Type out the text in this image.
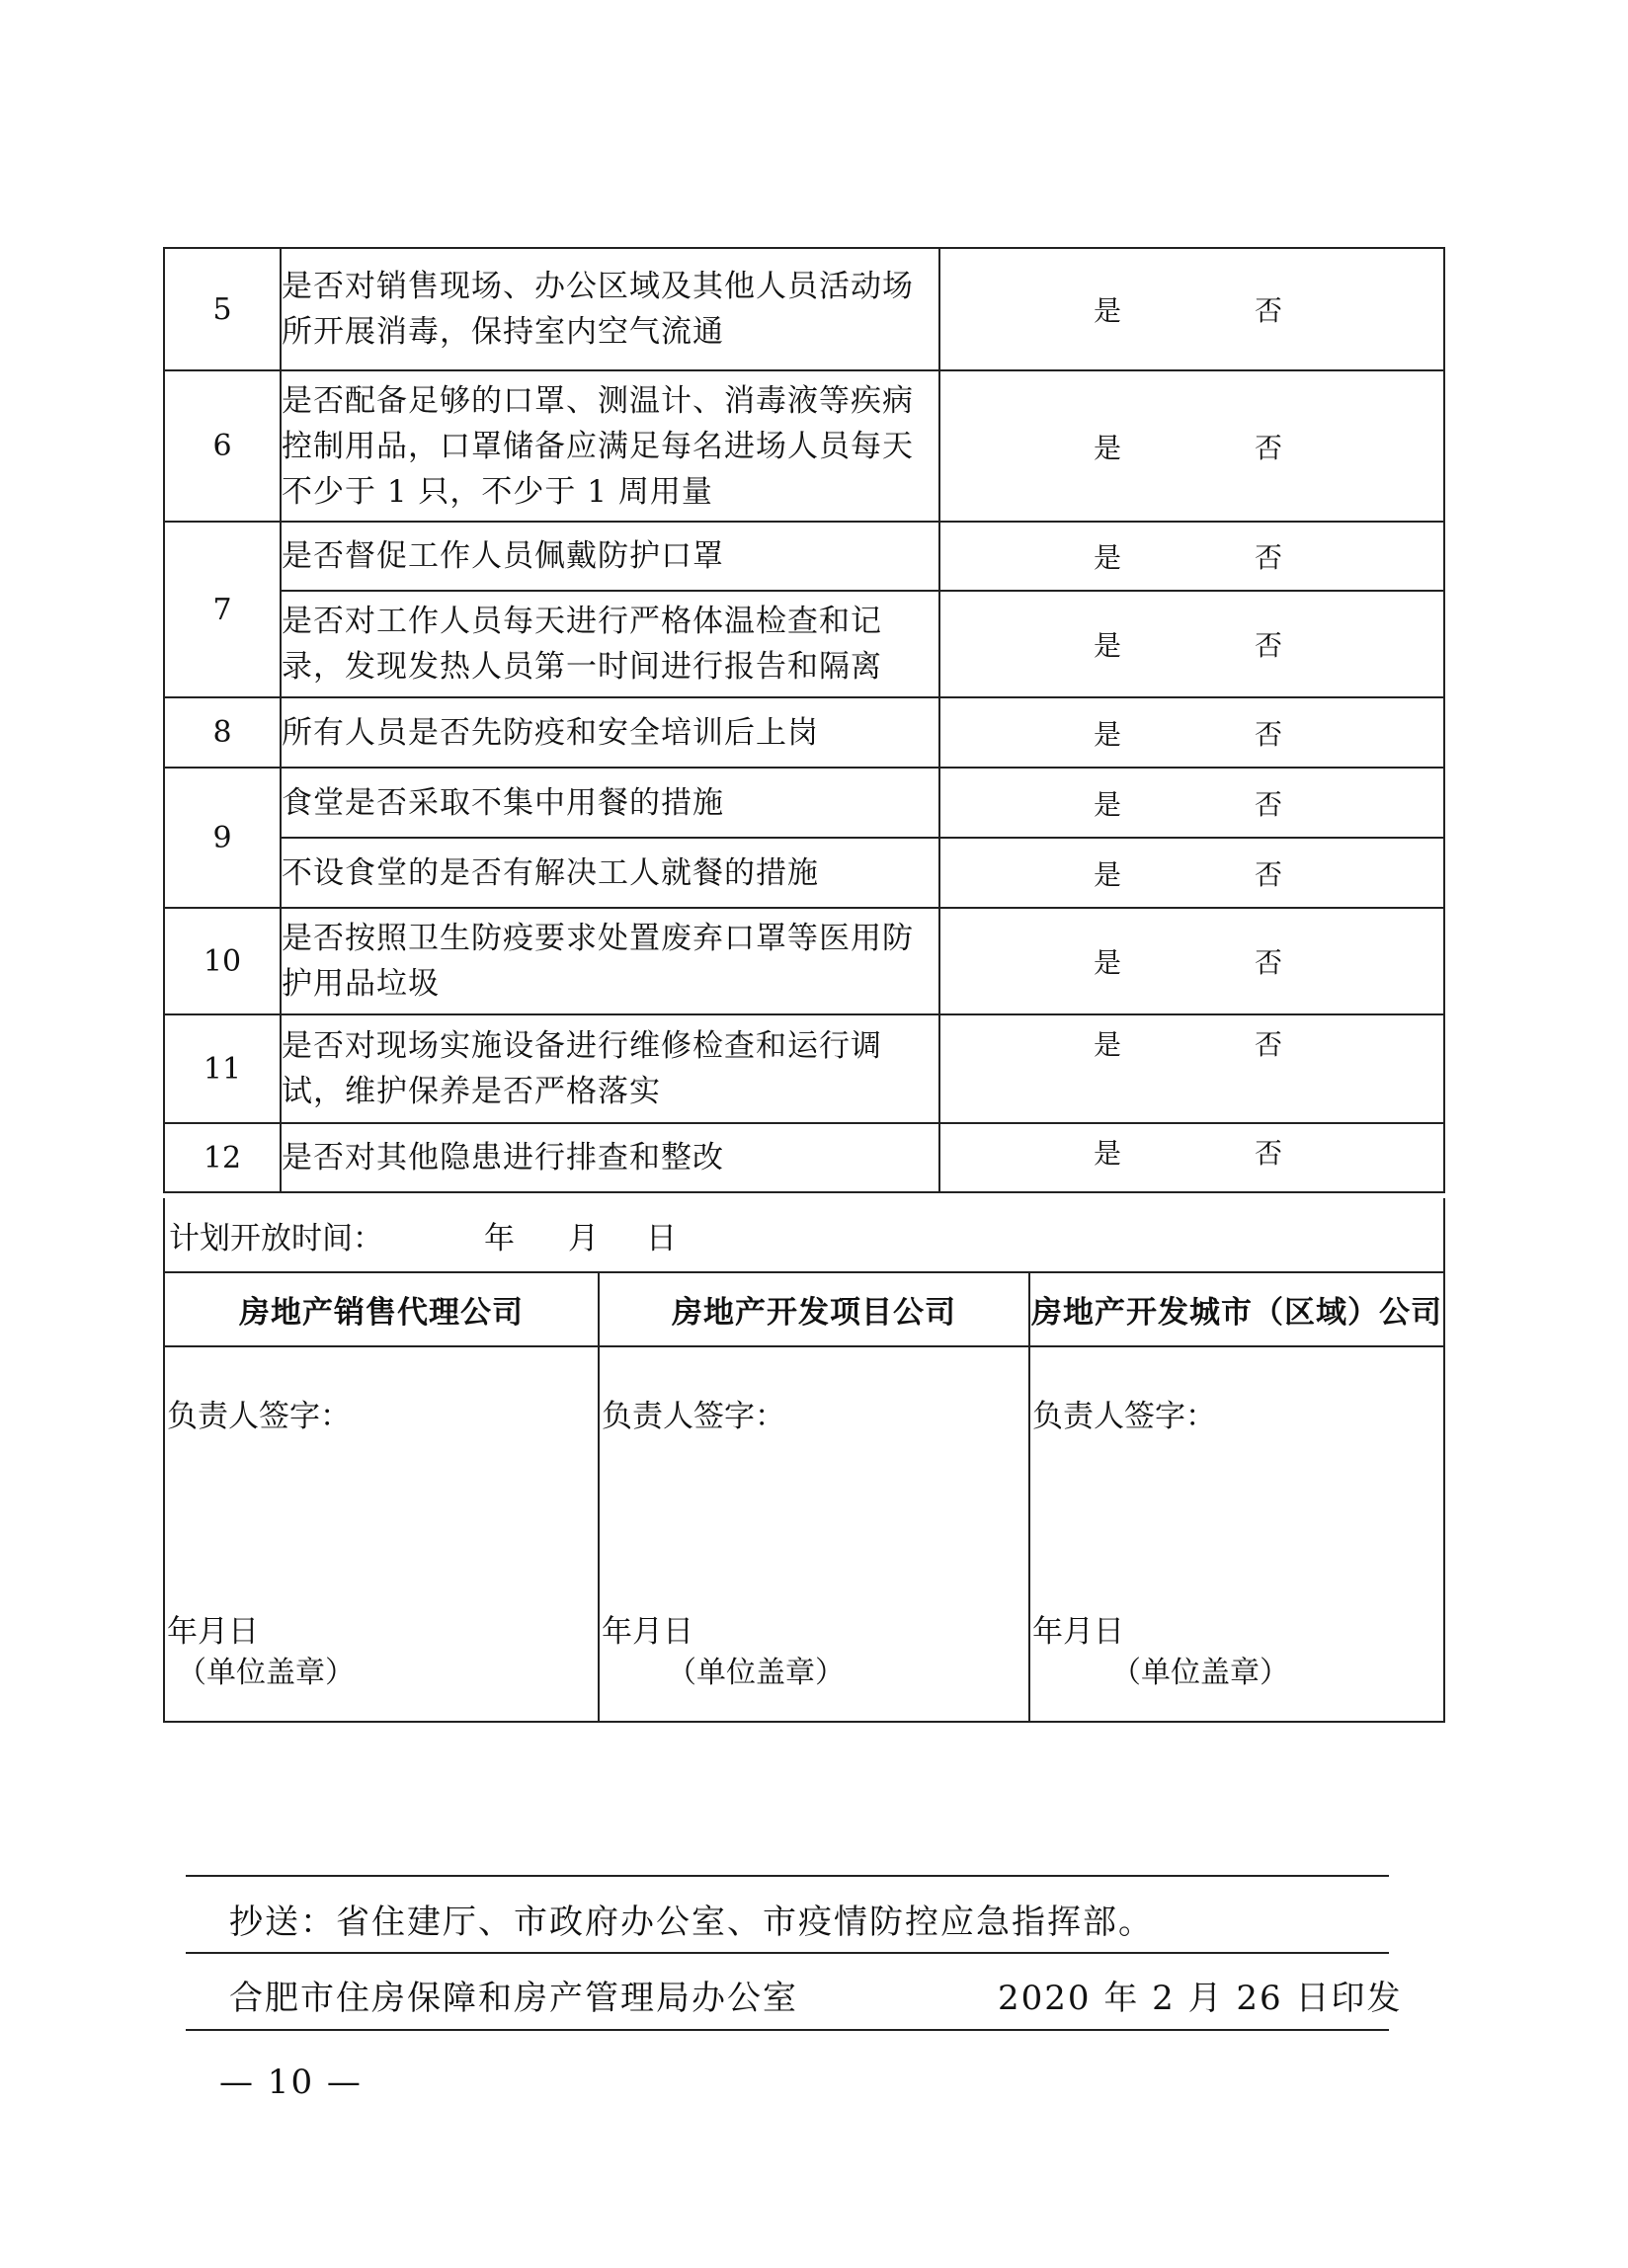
5	是否对销售现场、办公区域及其他人员活动场所开展消毒，保持室内空气流通	是 否

6	是否配备足够的口罩、测温计、消毒液等疾病控制用品，口罩储备应满足每名进场人员每天不少于 1 只，不少于 1 周用量	是 否

7	是否督促工作人员佩戴防护口罩	是 否

	是否对工作人员每天进行严格体温检查和记录，发现发热人员第一时间进行报告和隔离	是 否

8	所有人员是否先防疫和安全培训后上岗	是 否

9	食堂是否采取不集中用餐的措施	是 否

	不设食堂的是否有解决工人就餐的措施	是 否

10	是否按照卫生防疫要求处置废弃口罩等医用防护用品垃圾	是 否

11	是否对现场实施设备进行维修检查和运行调试，维护保养是否严格落实	是 否

12	是否对其他隐患进行排查和整改	是 否
计划开放时间： 年 月 日		
房地产销售代理公司	房地产开发项目公司	房地产开发城市（区域）公司

负责人签字：
年月日
（单位盖章）	负责人签字：
年月日
（单位盖章）	负责人签字：
年月日
（单位盖章）
抄送：省住建厅、市政府办公室、市疫情防控应急指挥部。
合肥市住房保障和房产管理局办公室	2020 年 2 月 26 日印发
— 10 —
